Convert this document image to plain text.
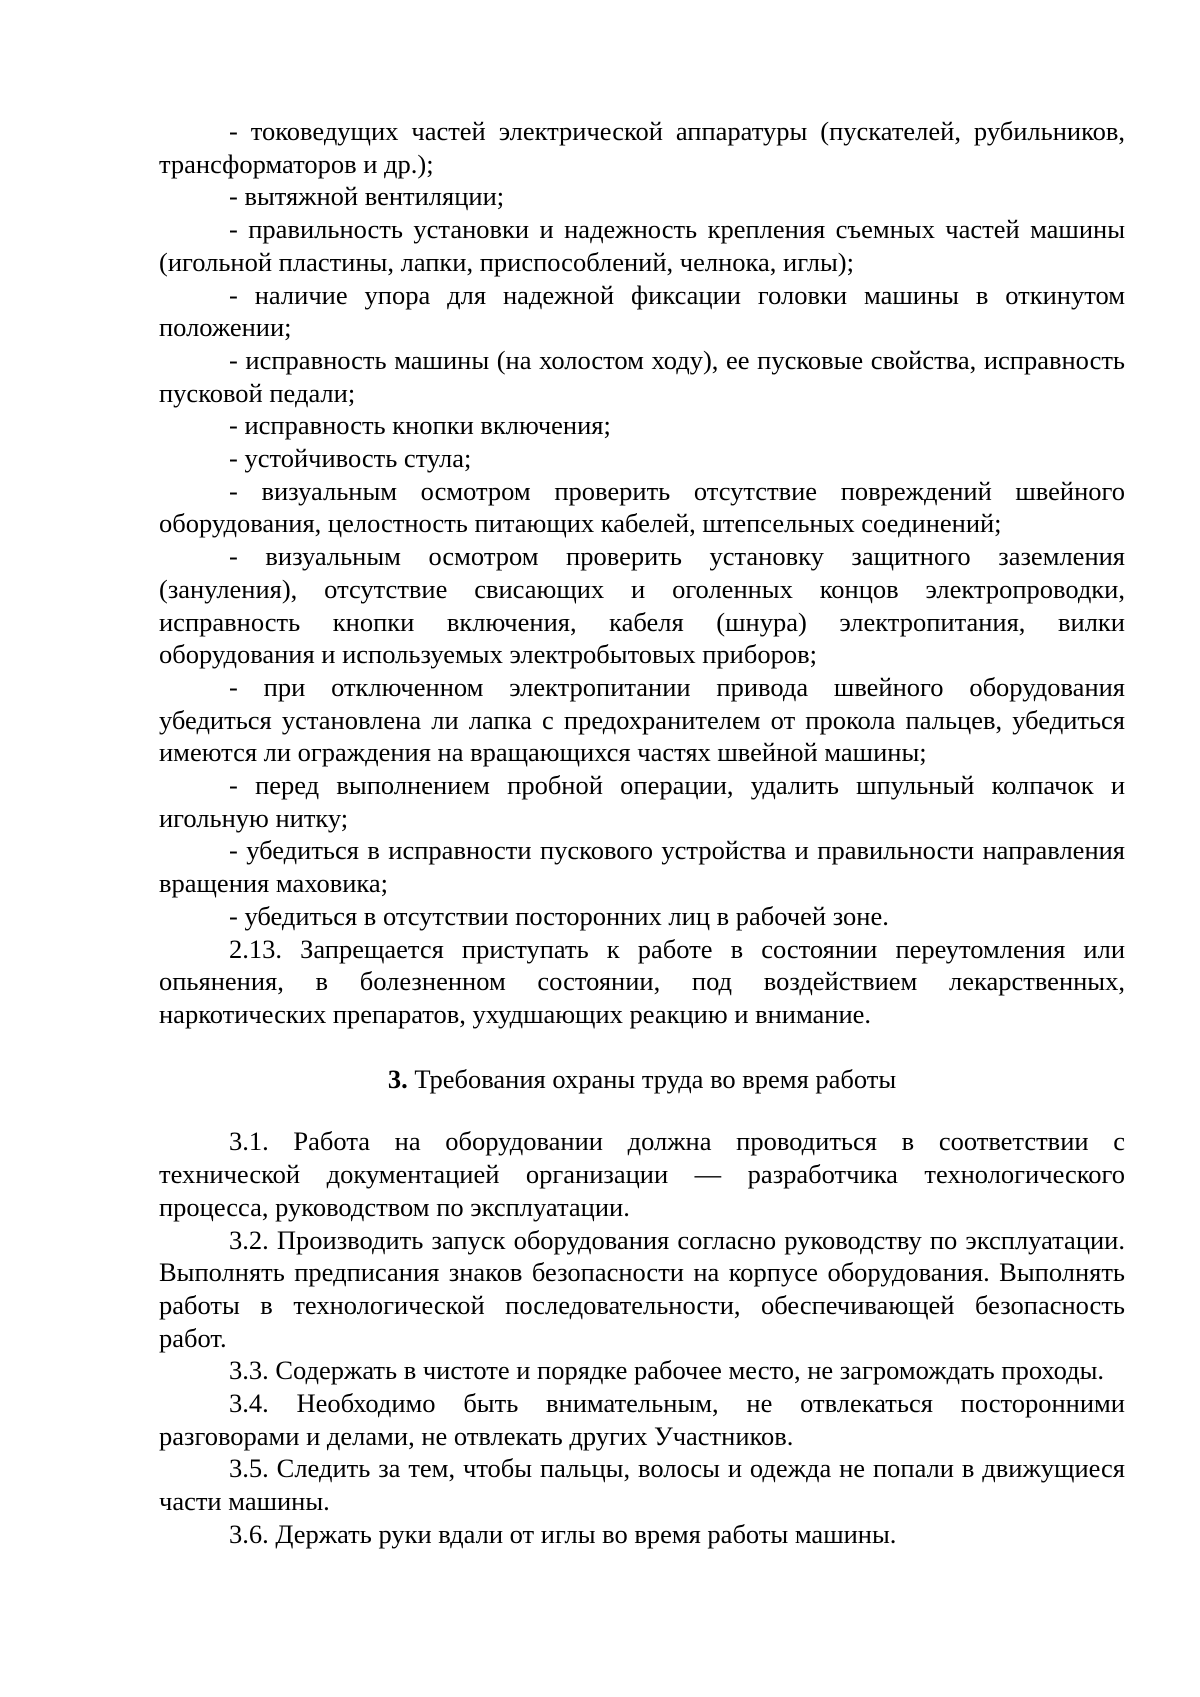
- токоведущих частей электрической аппаратуры (пускателей, рубильников, трансформаторов и др.);

- вытяжной вентиляции;

- правильность установки и надежность крепления съемных частей машины (игольной пластины, лапки, приспособлений, челнока, иглы);

- наличие упора для надежной фиксации головки машины в откинутом положении;

- исправность машины (на холостом ходу), ее пусковые свойства, исправность пусковой педали;

- исправность кнопки включения;

- устойчивость стула;

- визуальным осмотром проверить отсутствие повреждений швейного оборудования, целостность питающих кабелей, штепсельных соединений;

- визуальным осмотром проверить установку защитного заземления (зануления), отсутствие свисающих и оголенных концов электропроводки, исправность кнопки включения, кабеля (шнура) электропитания, вилки оборудования и используемых электробытовых приборов;

- при отключенном электропитании привода швейного оборудования убедиться установлена ли лапка с предохранителем от прокола пальцев, убедиться имеются ли ограждения на вращающихся частях швейной машины;

- перед выполнением пробной операции, удалить шпульный колпачок и игольную нитку;

- убедиться в исправности пускового устройства и правильности направления вращения маховика;

- убедиться в отсутствии посторонних лиц в рабочей зоне.

2.13. Запрещается приступать к работе в состоянии переутомления или опьянения, в болезненном состоянии, под воздействием лекарственных, наркотических препаратов, ухудшающих реакцию и внимание.

3. Требования охраны труда во время работы

3.1. Работа на оборудовании должна проводиться в соответствии с технической документацией организации — разработчика технологического процесса, руководством по эксплуатации.

3.2. Производить запуск оборудования согласно руководству по эксплуатации. Выполнять предписания знаков безопасности на корпусе оборудования. Выполнять работы в технологической последовательности, обеспечивающей безопасность работ.

3.3. Содержать в чистоте и порядке рабочее место, не загромождать проходы.

3.4. Необходимо быть внимательным, не отвлекаться посторонними разговорами и делами, не отвлекать других Участников.

3.5. Следить за тем, чтобы пальцы, волосы и одежда не попали в движущиеся части машины.

3.6. Держать руки вдали от иглы во время работы машины.
